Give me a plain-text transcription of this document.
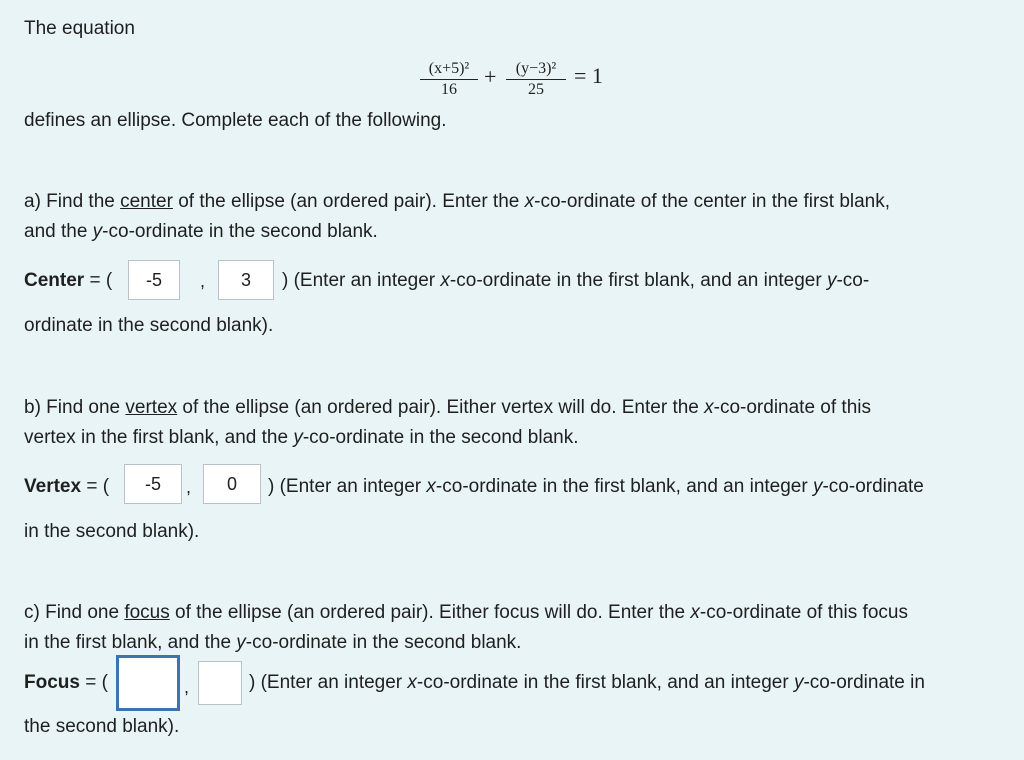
The equation
(x+5)²
16
+	(y−3)²
25
= 1
defines an ellipse. Complete each of the following.
a) Find the center of the ellipse (an ordered pair). Enter the x-co-ordinate of the center in the first blank,
and the y-co-ordinate in the second blank.
Center = (	-5	,	3	) (Enter an integer x-co-ordinate in the first blank, and an integer y-co-
ordinate in the second blank).
b) Find one vertex of the ellipse (an ordered pair). Either vertex will do. Enter the x-co-ordinate of this
vertex in the first blank, and the y-co-ordinate in the second blank.
Vertex = (	-5	,	0	) (Enter an integer x-co-ordinate in the first blank, and an integer y-co-ordinate
in the second blank).
c) Find one focus of the ellipse (an ordered pair). Either focus will do. Enter the x-co-ordinate of this focus
in the first blank, and the y-co-ordinate in the second blank.
Focus = (	,	) (Enter an integer x-co-ordinate in the first blank, and an integer y-co-ordinate in
the second blank).
